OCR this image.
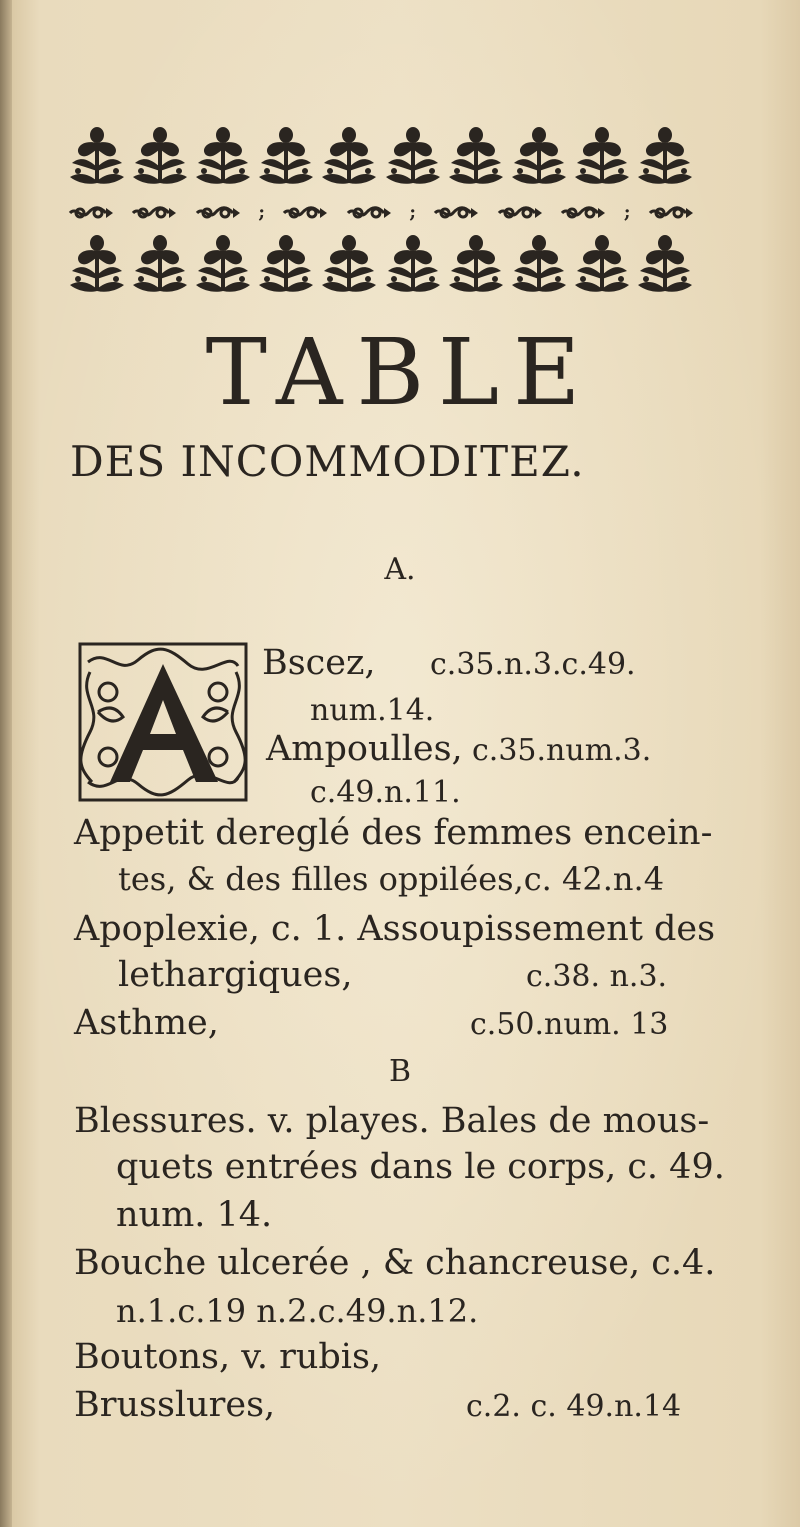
;	;	;
TABLE
DES INCOMMODITEZ.
A.
Bscez, c.35.n.3.c.49.
num.14.
Ampoulles, c.35.num.3.
c.49.n.11.
Appetit dereglé des femmes encein-
tes, & des filles oppilées,c. 42.n.4
Apoplexie, c. 1. Assoupissement des
lethargiques,	c.38. n.3.
Asthme,	c.50.num. 13
B
Blessures. v. playes. Bales de mous-
quets entrées dans le corps, c. 49.
num. 14.
Bouche ulcerée , & chancreuse, c.4.
n.1.c.19 n.2.c.49.n.12.
Boutons, v. rubis,
Brusslures,	c.2. c. 49.n.14
